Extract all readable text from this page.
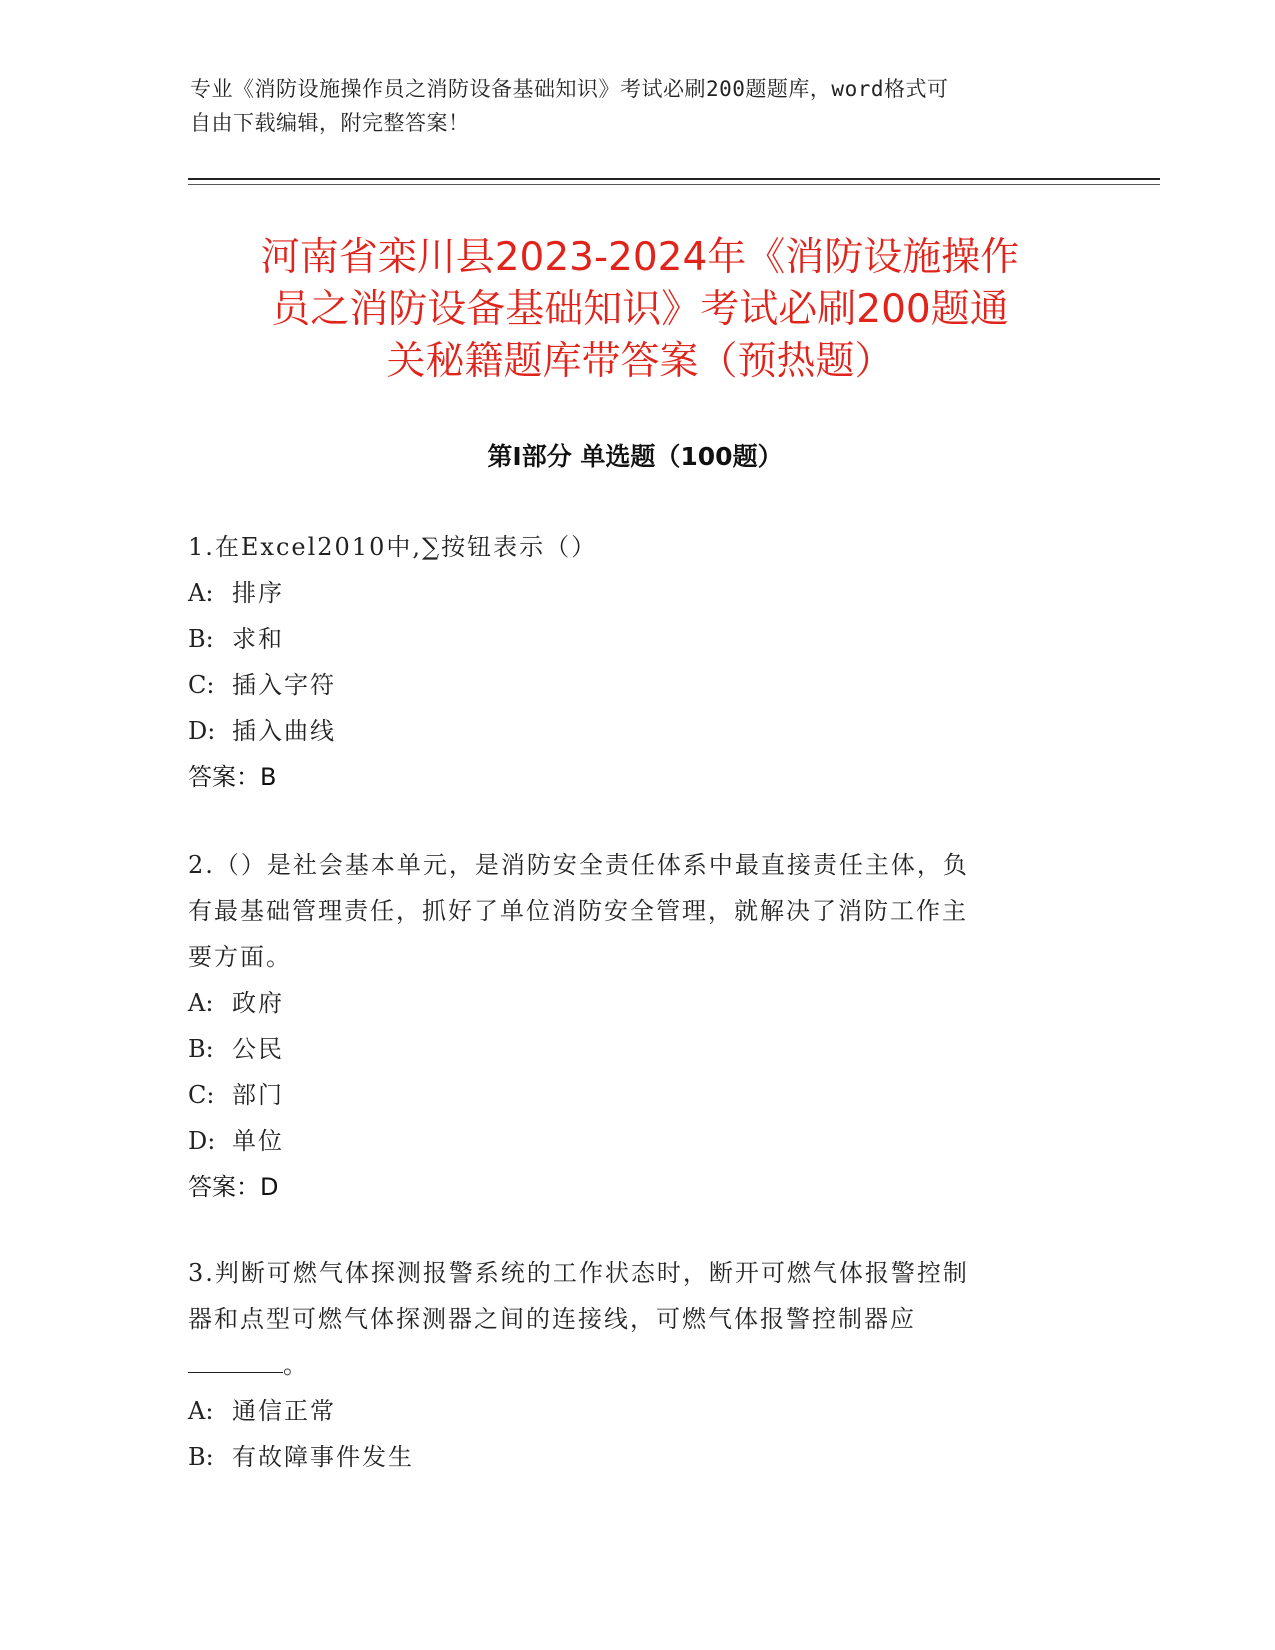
专业《消防设施操作员之消防设备基础知识》考试必刷200题题库，word格式可
自由下载编辑，附完整答案！
河南省栾川县2023-2024年《消防设施操作
员之消防设备基础知识》考试必刷200题通
关秘籍题库带答案（预热题）
第Ⅰ部分 单选题（100题）

1.在Excel2010中,∑按钮表示（）

A: 排序

B: 求和

C: 插入字符

D: 插入曲线

答案：B

2.（）是社会基本单元，是消防安全责任体系中最直接责任主体，负

有最基础管理责任，抓好了单位消防安全管理，就解决了消防工作主

要方面。

A: 政府

B: 公民

C: 部门

D: 单位

答案：D

3.判断可燃气体探测报警系统的工作状态时，断开可燃气体报警控制

器和点型可燃气体探测器之间的连接线，可燃气体报警控制器应

。

A: 通信正常

B: 有故障事件发生
